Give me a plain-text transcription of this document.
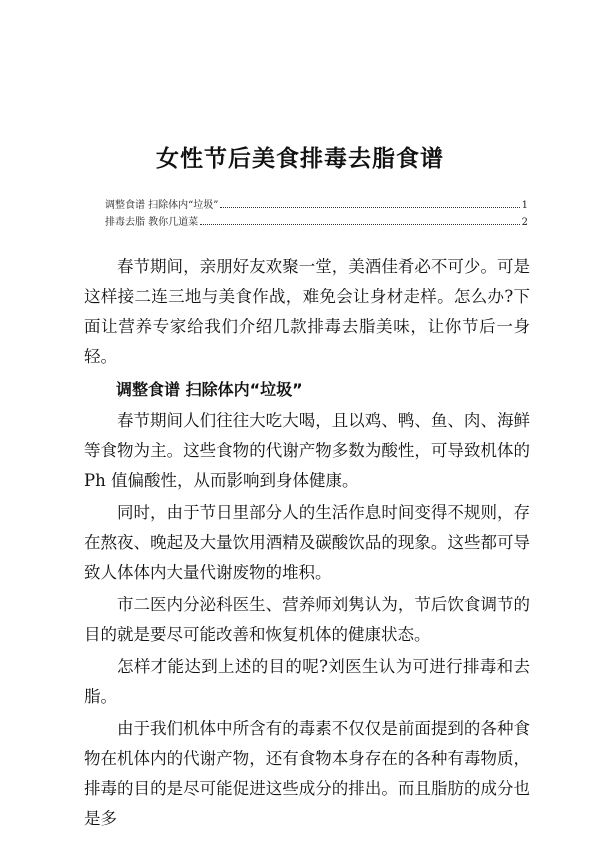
女性节后美食排毒去脂食谱
调整食谱 扫除体内“垃圾”	1
排毒去脂 教你几道菜	2

春节期间，亲朋好友欢聚一堂，美酒佳肴必不可少。可是这样接二连三地与美食作战，难免会让身材走样。怎么办?下面让营养专家给我们介绍几款排毒去脂美味，让你节后一身轻。

调整食谱 扫除体内“垃圾”

春节期间人们往往大吃大喝，且以鸡、鸭、鱼、肉、海鲜等食物为主。这些食物的代谢产物多数为酸性，可导致机体的 Ph 值偏酸性，从而影响到身体健康。

同时，由于节日里部分人的生活作息时间变得不规则，存在熬夜、晚起及大量饮用酒精及碳酸饮品的现象。这些都可导致人体体内大量代谢废物的堆积。

市二医内分泌科医生、营养师刘隽认为，节后饮食调节的目的就是要尽可能改善和恢复机体的健康状态。

怎样才能达到上述的目的呢?刘医生认为可进行排毒和去脂。

由于我们机体中所含有的毒素不仅仅是前面提到的各种食物在机体内的代谢产物，还有食物本身存在的各种有毒物质，排毒的目的是尽可能促进这些成分的排出。而且脂肪的成分也是多
